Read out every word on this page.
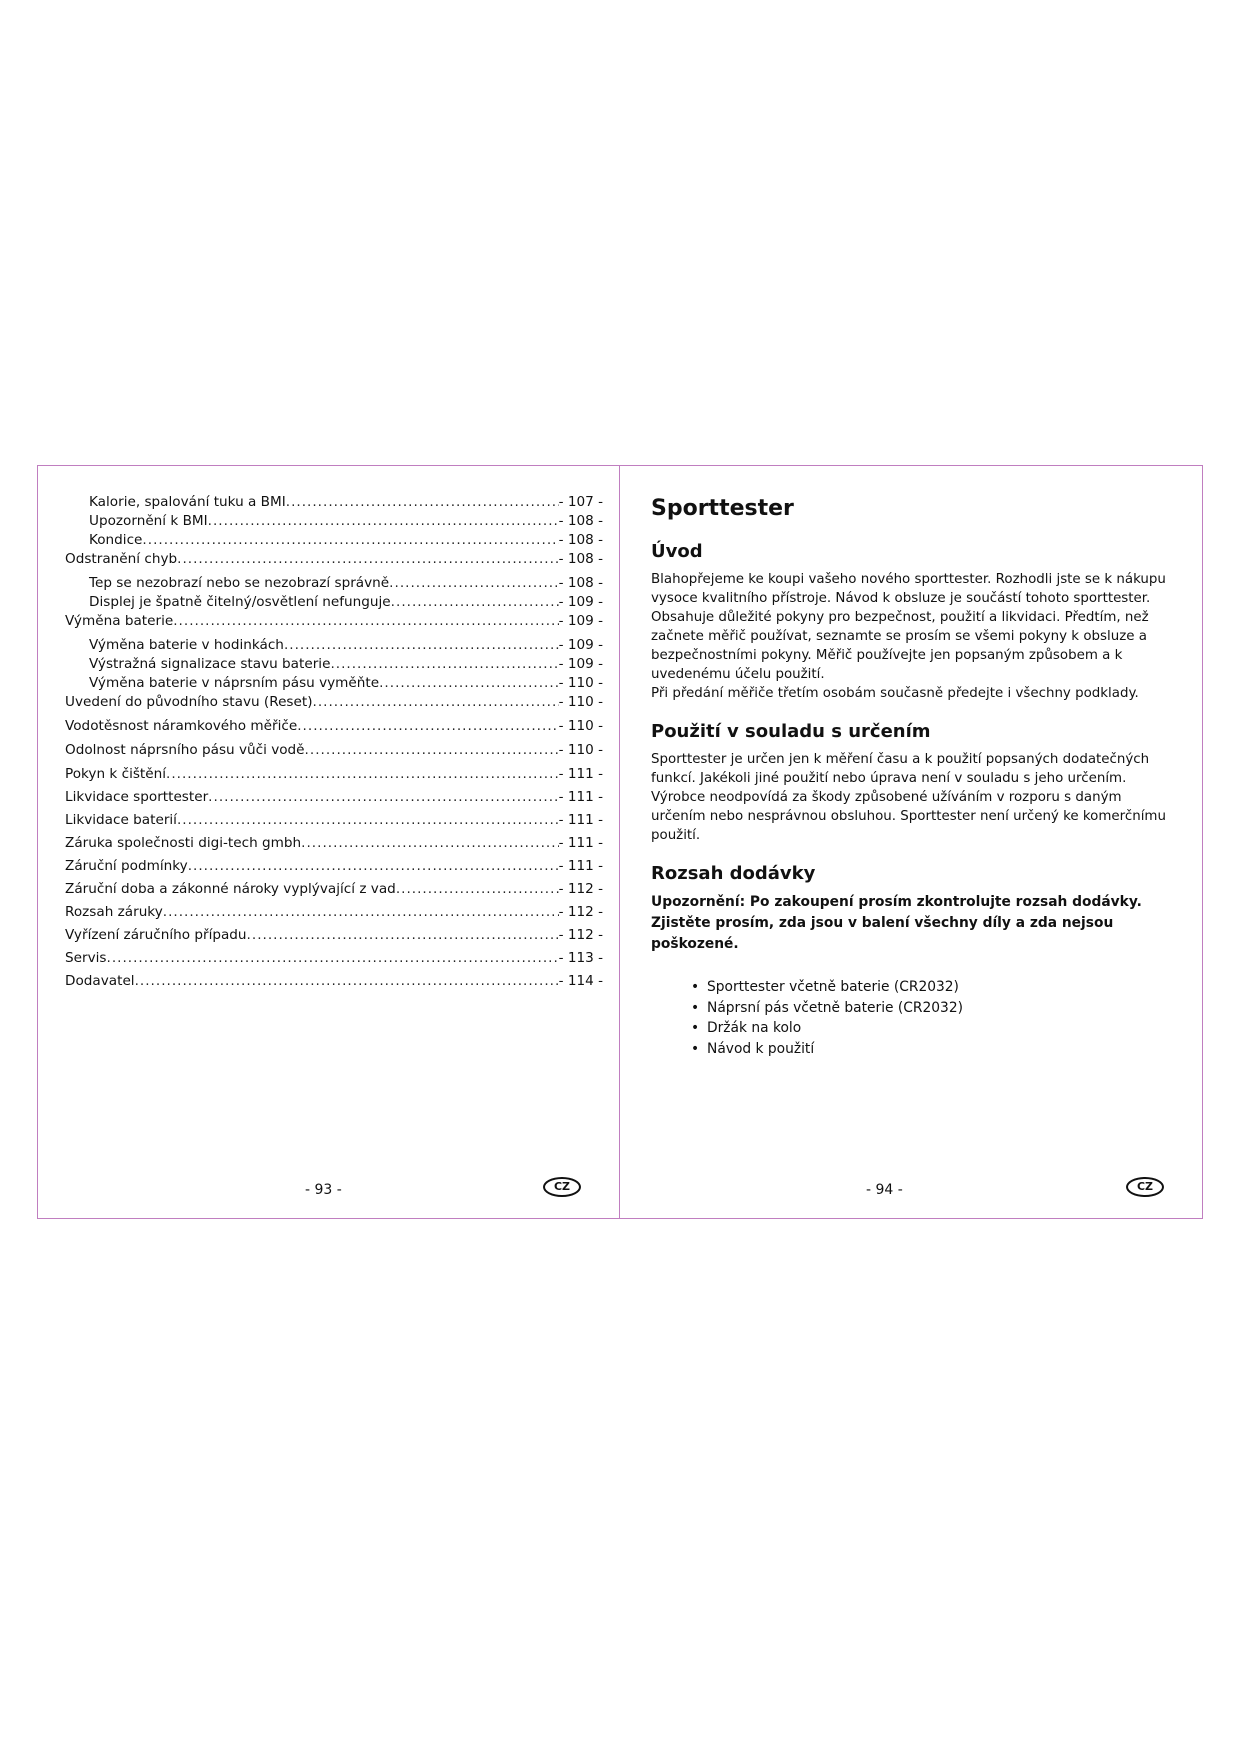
Kalorie, spalování tuku a BMI .....	- 107 -
Upozornění k BMI .....	- 108 -
Kondice .....	- 108 -
Odstranění chyb .....	- 108 -
Tep se nezobrazí nebo se nezobrazí správně .....	- 108 -
Displej je špatně čitelný/osvětlení nefunguje .....	- 109 -
Výměna baterie .....	- 109 -
Výměna baterie v hodinkách .....	- 109 -
Výstražná signalizace stavu baterie .....	- 109 -
Výměna baterie v náprsním pásu vyměňte .....	- 110 -
Uvedení do původního stavu (Reset) .....	- 110 -
Vodotěsnost náramkového měřiče .....	- 110 -
Odolnost náprsního pásu vůči vodě .....	- 110 -
Pokyn k čištění .....	- 111 -
Likvidace sporttester .....	- 111 -
Likvidace baterií .....	- 111 -
Záruka společnosti digi-tech gmbh .....	- 111 -
Záruční podmínky .....	- 111 -
Záruční doba a zákonné nároky vyplývající z vad .....	- 112 -
Rozsah záruky .....	- 112 -
Vyřízení záručního případu .....	- 112 -
Servis .....	- 113 -
Dodavatel .....	- 114 -
- 93 -	CZ
Sporttester
Úvod

Blahopřejeme ke koupi vašeho nového sporttester. Rozhodli jste se k nákupu vysoce kvalitního přístroje. Návod k obsluze je součástí tohoto sporttester. Obsahuje důležité pokyny pro bezpečnost, použití a likvidaci. Předtím, než začnete měřič používat, seznamte se prosím se všemi pokyny k obsluze a bezpečnostními pokyny. Měřič používejte jen popsaným způsobem a k uvedenému účelu použití.

Při předání měřiče třetím osobám současně předejte i všechny podklady.

Použití v souladu s určením

Sporttester je určen jen k měření času a k použití popsaných dodatečných funkcí. Jakékoli jiné použití nebo úprava není v souladu s jeho určením. Výrobce neodpovídá za škody způsobené užíváním v rozporu s daným určením nebo nesprávnou obsluhou. Sporttester není určený ke komerčnímu použití.

Rozsah dodávky

Upozornění: Po zakoupení prosím zkontrolujte rozsah dodávky. Zjistěte prosím, zda jsou v balení všechny díly a zda nejsou poškozené.

• Sporttester včetně baterie (CR2032)
• Náprsní pás včetně baterie (CR2032)
• Držák na kolo
• Návod k použití
- 94 -	CZ
